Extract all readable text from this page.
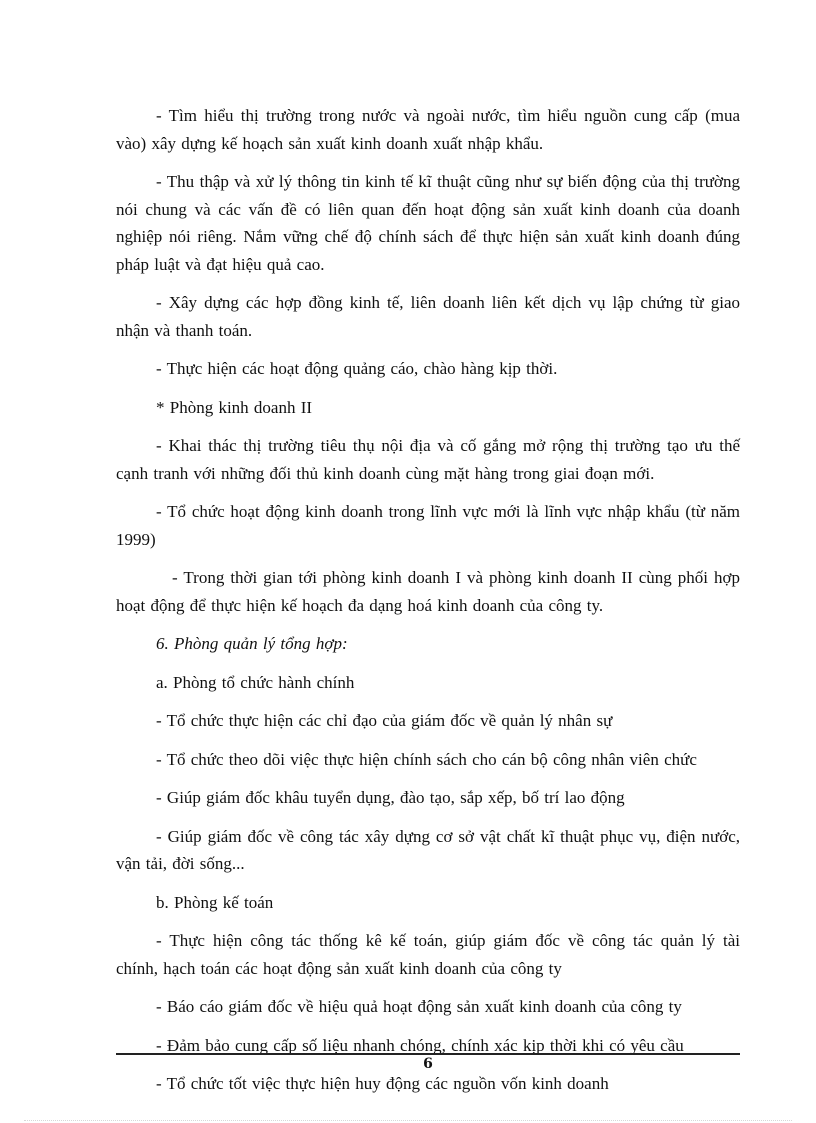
- Tìm hiểu thị trường trong nước và ngoài nước, tìm hiểu nguồn cung cấp (mua vào) xây dựng kế hoạch sản xuất kinh doanh xuất nhập khẩu.

- Thu thập và xử lý thông tin kinh tế kĩ thuật cũng như sự biến động của thị trường nói chung và các vấn đề có liên quan đến hoạt động sản xuất kinh doanh của doanh nghiệp nói riêng. Nắm vững chế độ chính sách để thực hiện sản xuất kinh doanh đúng pháp luật và đạt hiệu quả cao.

- Xây dựng các hợp đồng kinh tế, liên doanh liên kết dịch vụ lập chứng từ giao nhận và thanh toán.

- Thực hiện các hoạt động quảng cáo, chào hàng kịp thời.

* Phòng kinh doanh II

- Khai thác thị trường tiêu thụ nội địa và cố gắng mở rộng thị trường tạo ưu thế cạnh tranh với những đối thủ kinh doanh cùng mặt hàng trong giai đoạn mới.

- Tổ chức hoạt động kinh doanh trong lĩnh vực mới là lĩnh vực nhập khẩu (từ năm 1999)

- Trong thời gian tới phòng kinh doanh I và phòng kinh doanh II cùng phối hợp hoạt động để thực hiện kế hoạch đa dạng hoá kinh doanh của công ty.

6. Phòng quản lý tổng hợp:

a. Phòng tổ chức hành chính

- Tổ chức thực hiện các chỉ đạo của giám đốc về quản lý nhân sự

- Tổ chức theo dõi việc thực hiện chính sách cho cán bộ công nhân viên chức

- Giúp giám đốc khâu tuyển dụng, đào tạo, sắp xếp, bố trí lao động

- Giúp giám đốc về công tác xây dựng cơ sở vật chất kĩ thuật phục vụ, điện nước, vận tải, đời sống...

b. Phòng kế toán

- Thực hiện công tác thống kê kế toán, giúp giám đốc về công tác quản lý tài chính, hạch toán các hoạt động sản xuất kinh doanh của công ty

- Báo cáo giám đốc về hiệu quả hoạt động sản xuất kinh doanh của công ty

- Đảm bảo cung cấp số liệu nhanh chóng, chính xác kịp thời khi có yêu cầu

- Tổ chức tốt việc thực hiện huy động các nguồn vốn kinh doanh

6
